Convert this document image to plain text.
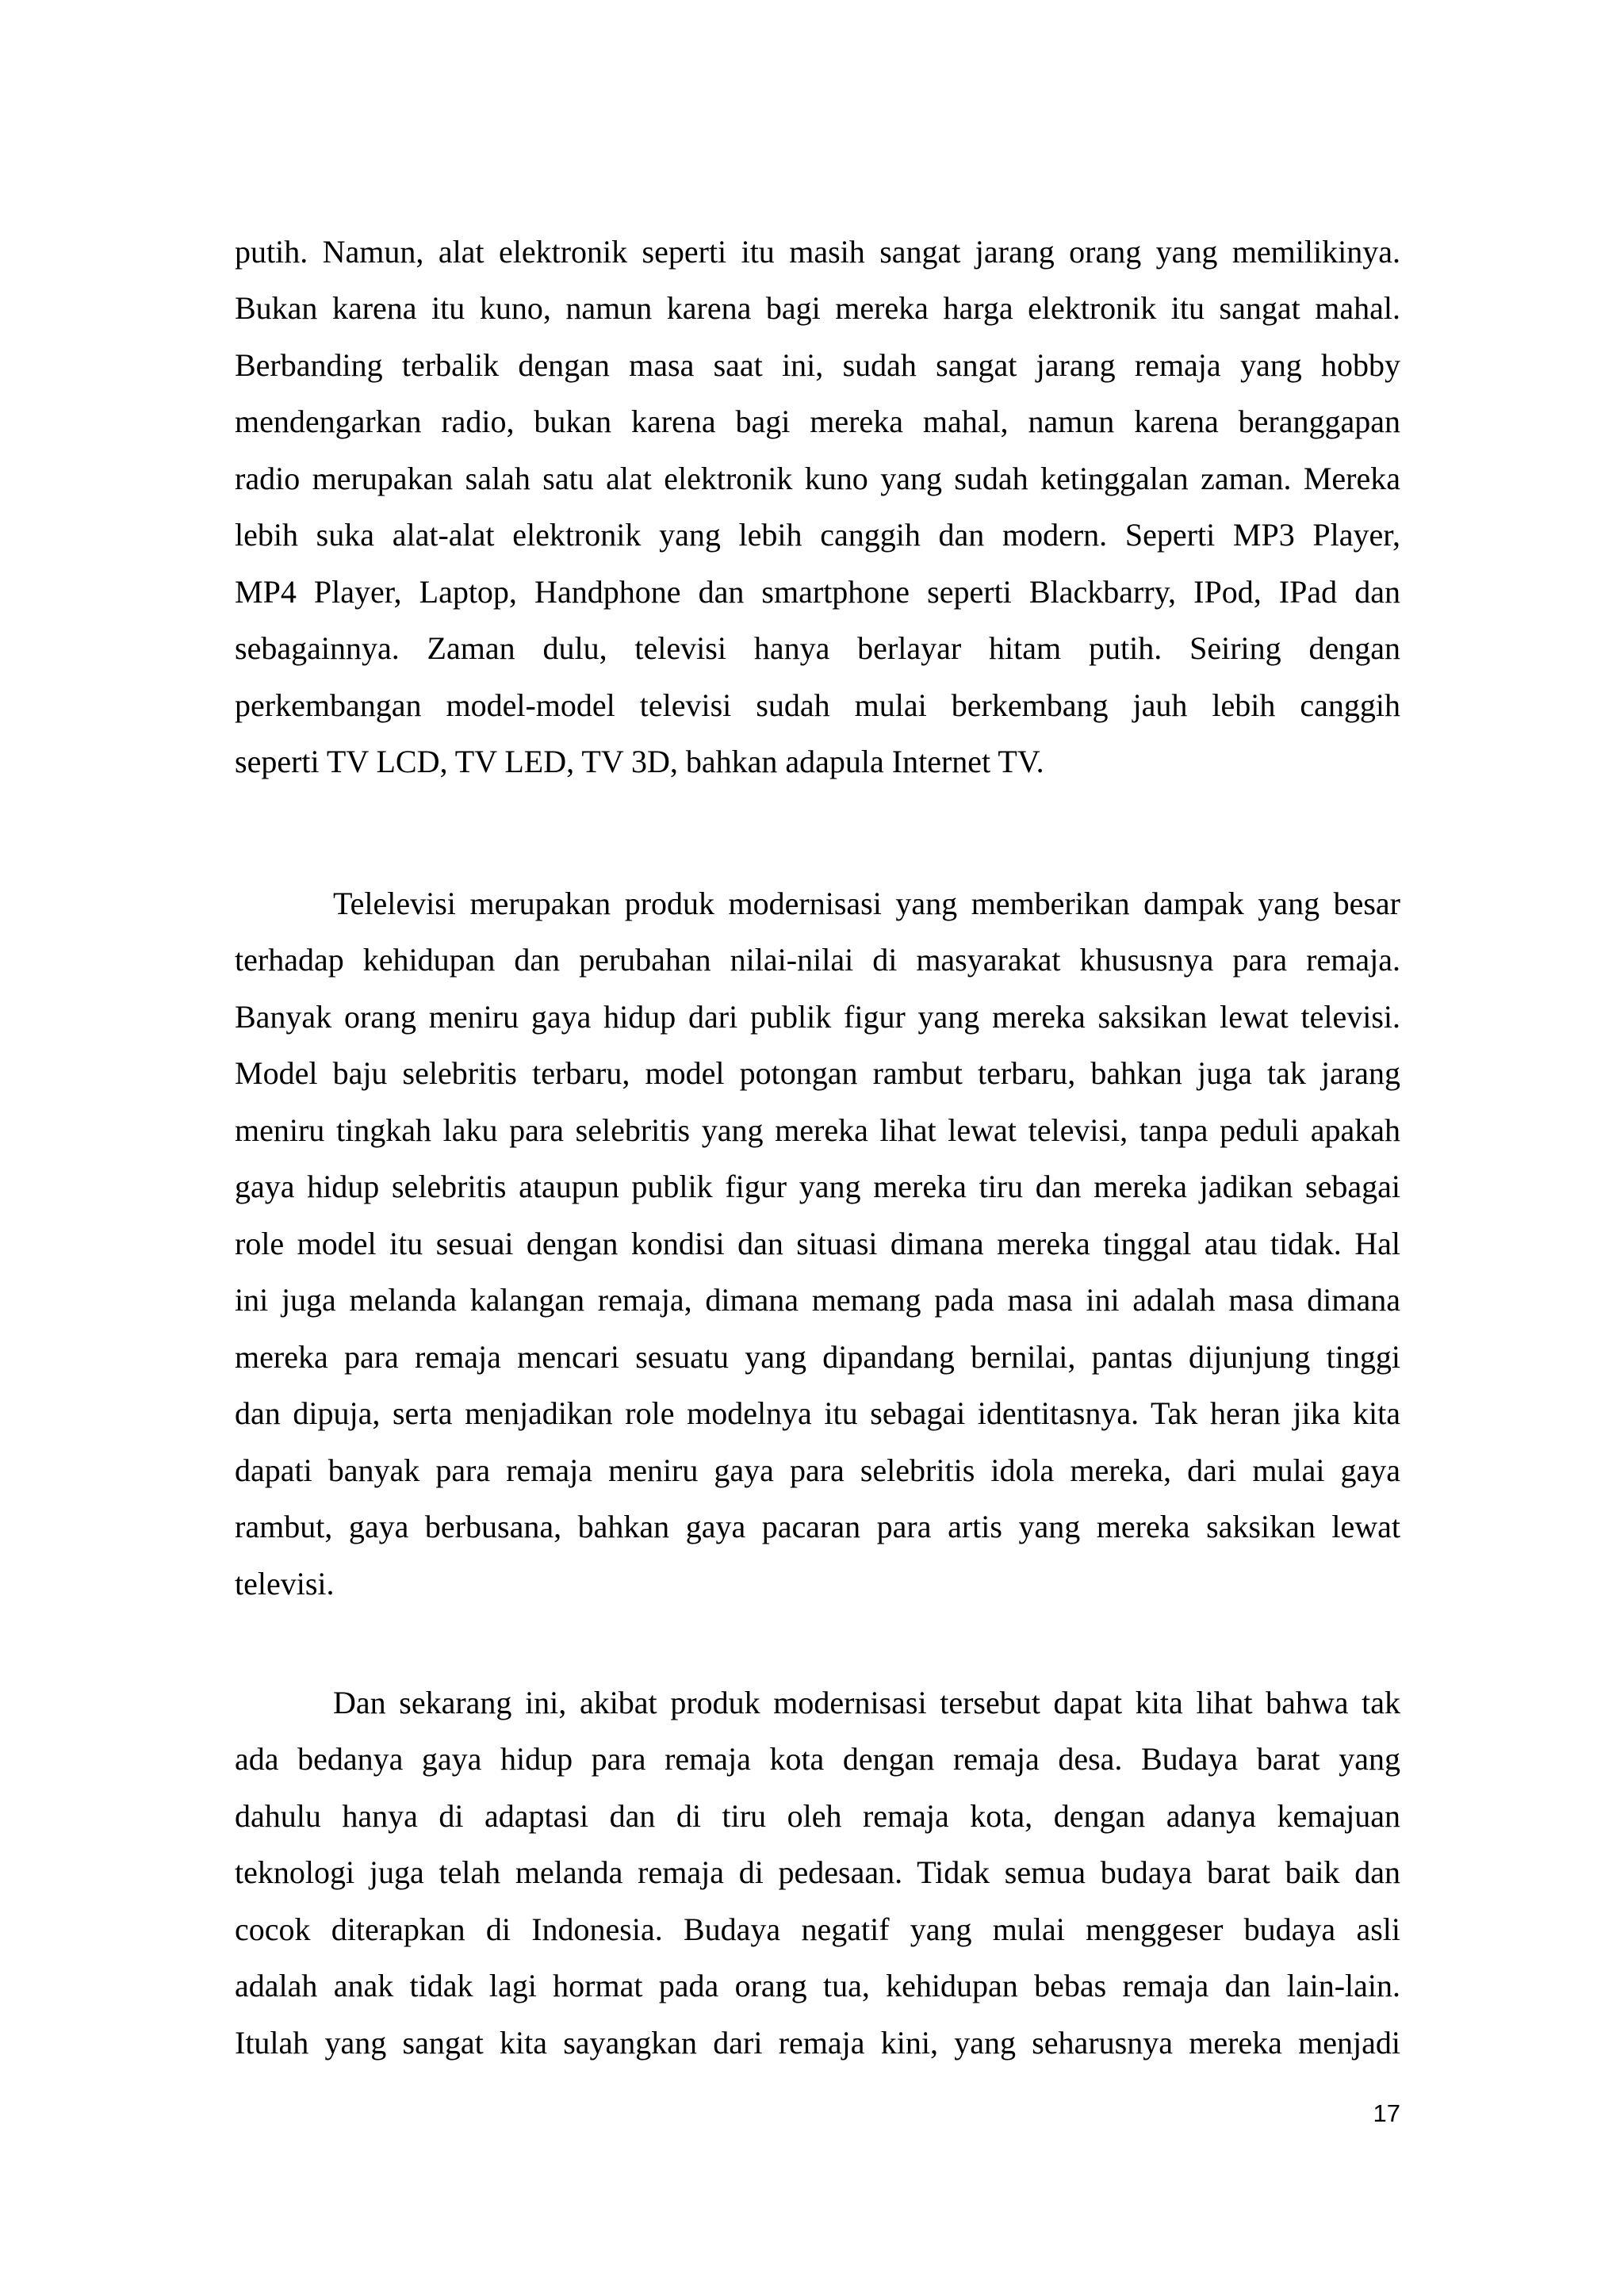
putih. Namun, alat elektronik seperti itu masih sangat jarang orang yang memilikinya.
Bukan karena itu kuno, namun karena bagi mereka harga elektronik itu sangat mahal.
Berbanding terbalik dengan masa saat ini, sudah sangat jarang remaja yang hobby
mendengarkan radio, bukan karena bagi mereka mahal, namun karena beranggapan
radio merupakan salah satu alat elektronik kuno yang sudah ketinggalan zaman. Mereka
lebih suka alat-alat elektronik yang lebih canggih dan modern. Seperti MP3 Player,
MP4 Player, Laptop, Handphone dan smartphone seperti Blackbarry, IPod, IPad dan
sebagainnya. Zaman dulu, televisi hanya berlayar hitam putih. Seiring dengan
perkembangan model-model televisi sudah mulai berkembang jauh lebih canggih
seperti TV LCD, TV LED, TV 3D, bahkan adapula Internet TV.
Telelevisi merupakan produk modernisasi yang memberikan dampak yang besar
terhadap kehidupan dan perubahan nilai-nilai di masyarakat khususnya para remaja.
Banyak orang meniru gaya hidup dari publik figur yang mereka saksikan lewat televisi.
Model baju selebritis terbaru, model potongan rambut terbaru, bahkan juga tak jarang
meniru tingkah laku para selebritis yang mereka lihat lewat televisi, tanpa peduli apakah
gaya hidup selebritis ataupun publik figur yang mereka tiru dan mereka jadikan sebagai
role model itu sesuai dengan kondisi dan situasi dimana mereka tinggal atau tidak. Hal
ini juga melanda kalangan remaja, dimana memang pada masa ini adalah masa dimana
mereka para remaja mencari sesuatu yang dipandang bernilai, pantas dijunjung tinggi
dan dipuja, serta menjadikan role modelnya itu sebagai identitasnya. Tak heran jika kita
dapati banyak para remaja meniru gaya para selebritis idola mereka, dari mulai gaya
rambut, gaya berbusana, bahkan gaya pacaran para artis yang mereka saksikan lewat
televisi.
Dan sekarang ini, akibat produk modernisasi tersebut dapat kita lihat bahwa tak
ada bedanya gaya hidup para remaja kota dengan remaja desa. Budaya barat yang
dahulu hanya di adaptasi dan di tiru oleh remaja kota, dengan adanya kemajuan
teknologi juga telah melanda remaja di pedesaan. Tidak semua budaya barat baik dan
cocok diterapkan di Indonesia. Budaya negatif yang mulai menggeser budaya asli
adalah anak tidak lagi hormat pada orang tua, kehidupan bebas remaja dan lain-lain.
Itulah yang sangat kita sayangkan dari remaja kini, yang seharusnya mereka menjadi
17
